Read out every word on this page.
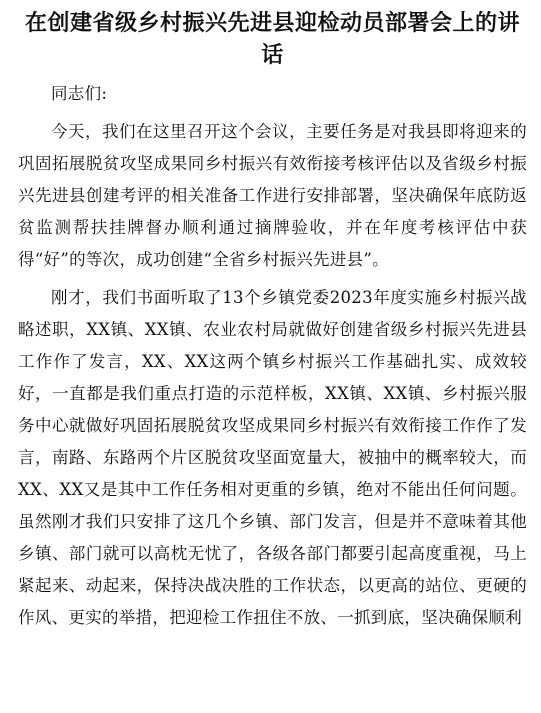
在创建省级乡村振兴先进县迎检动员部署会上的讲话

同志们:

今天，我们在这里召开这个会议，主要任务是对我县即将迎来的巩固拓展脱贫攻坚成果同乡村振兴有效衔接考核评估以及省级乡村振兴先进县创建考评的相关准备工作进行安排部署，坚决确保年底防返贫监测帮扶挂牌督办顺利通过摘牌验收，并在年度考核评估中获得“好”的等次，成功创建“全省乡村振兴先进县”。

刚才，我们书面听取了13个乡镇党委2023年度实施乡村振兴战略述职，XX镇、XX镇、农业农村局就做好创建省级乡村振兴先进县工作作了发言，XX、XX这两个镇乡村振兴工作基础扎实、成效较好，一直都是我们重点打造的示范样板，XX镇、XX镇、乡村振兴服务中心就做好巩固拓展脱贫攻坚成果同乡村振兴有效衔接工作作了发言，南路、东路两个片区脱贫攻坚面宽量大，被抽中的概率较大，而XX、XX又是其中工作任务相对更重的乡镇，绝对不能出任何问题。虽然刚才我们只安排了这几个乡镇、部门发言，但是并不意味着其他乡镇、部门就可以高枕无忧了，各级各部门都要引起高度重视，马上紧起来、动起来，保持决战决胜的工作状态，以更高的站位、更硬的作风、更实的举措，把迎检工作扭住不放、一抓到底，坚决确保顺利
